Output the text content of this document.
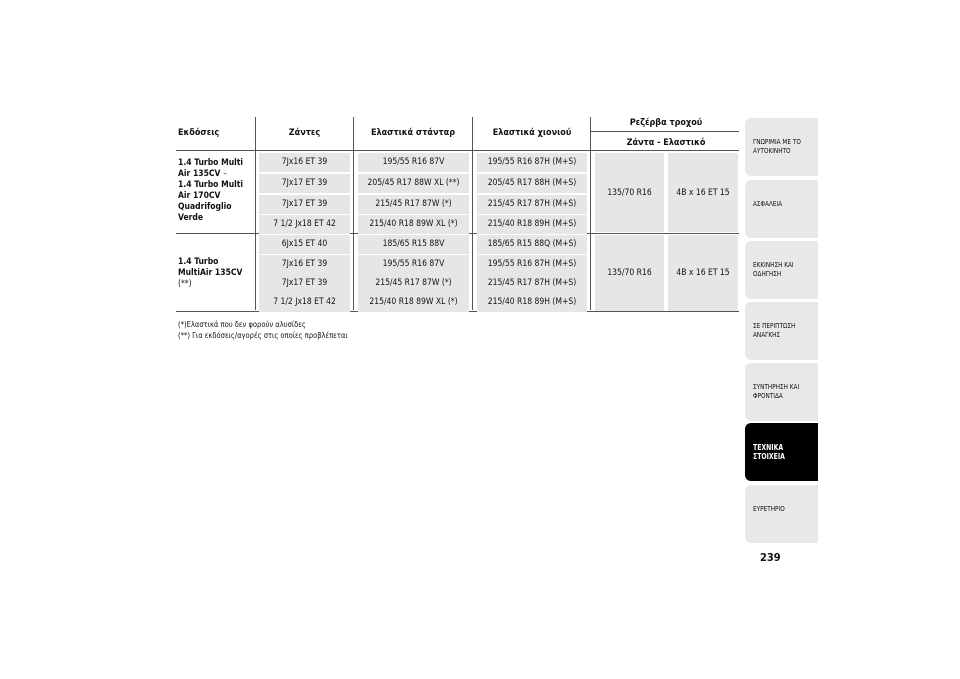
Εκδόσεις	Ζάντες	Ελαστικά στάνταρ	Ελαστικά χιονιού
Ρεζέρβα τροχού
Ζάντα - Ελαστικό
1.4 Turbo Multi
Air 135CV –
1.4 Turbo Multi
Air 170CV
Quadrifoglio
Verde
7Jx16 ET 39	195/55 R16 87V	195/55 R16 87H (M+S)
7Jx17 ET 39	205/45 R17 88W XL (**)	205/45 R17 88H (M+S)
7Jx17 ET 39	215/45 R17 87W (*)	215/45 R17 87H (M+S)
7 1/2 Jx18 ET 42	215/40 R18 89W XL (*)	215/40 R18 89H (M+S)
135/70 R16	4B x 16 ET 15
1.4 Turbo
MultiAir 135CV
(**)
6Jx15 ET 40	185/65 R15 88V	185/65 R15 88Q (M+S)
7Jx16 ET 39	195/55 R16 87V	195/55 R16 87H (M+S)
7Jx17 ET 39	215/45 R17 87W (*)	215/45 R17 87H (M+S)
7 1/2 Jx18 ET 42	215/40 R18 89W XL (*)	215/40 R18 89H (M+S)
135/70 R16	4B x 16 ET 15
(*)Ελαστικά που δεν φορούν αλυσίδες
(**) Για εκδόσεις/αγορές στις οποίες προβλέπεται
ΓΝΩΡΙΜΙΑ ΜΕ ΤΟ ΑΥΤΟΚΙΝΗΤΟ
ΑΣΦΑΛΕΙΑ
ΕΚΚΙΝΗΣΗ ΚΑΙ ΟΔΗΓΗΣΗ
ΣΕ ΠΕΡΙΠΤΩΣΗ ΑΝΑΓΚΗΣ
ΣΥΝΤΗΡΗΣΗ ΚΑΙ ΦΡΟΝΤΙΔΑ
ΤΕΧΝΙΚΑ ΣΤΟΙΧΕΙΑ
ΕΥΡΕΤΗΡΙΟ
239
